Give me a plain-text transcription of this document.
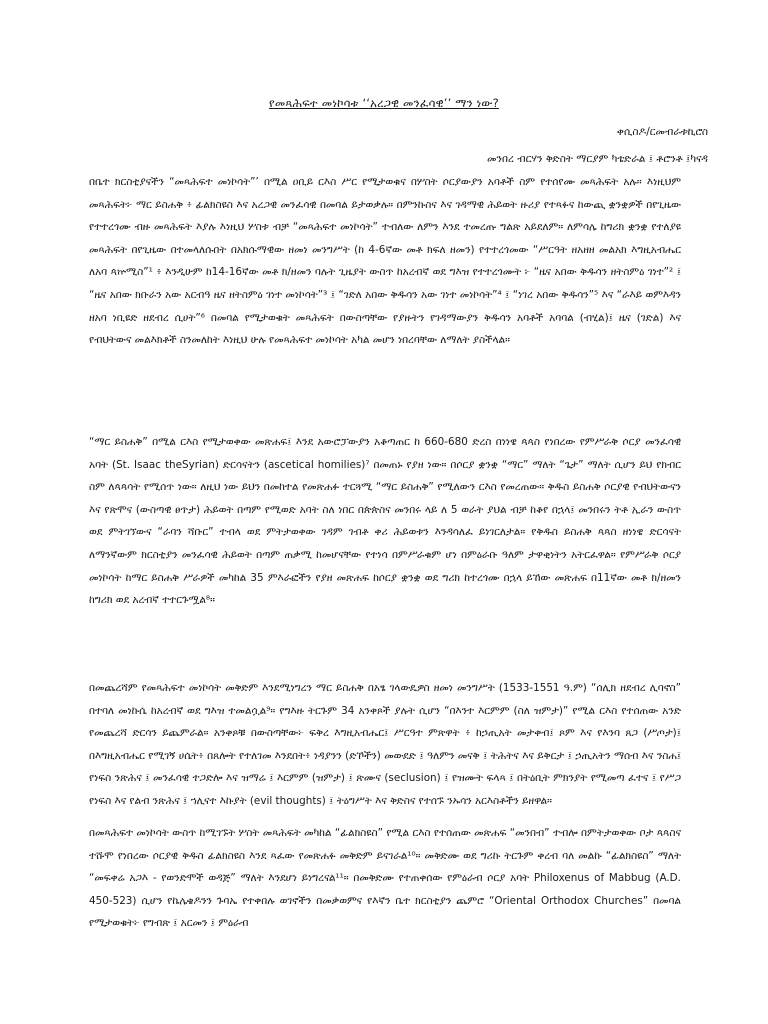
የመጻሕፍተ መነኮሳቱ ‘‘አረጋዊ መንፈሳዊ’’ ማን ነው?
ቀሲስዶ/ርመብራቱኪሮስ
መንበረ ብርሃን ቅድስት ማርያም ካቴድራል ፤ ቶሮንቶ ፤ካናዳ

በቤተ ክርስቲያናችን “መጻሕፍተ መነኮሳት”’ በሚል ዐቢይ ርእስ ሥር የሚታወቁና በሦስት ሶርያውያን አባቶች ስም የተሰየሙ መጻሕፍት አሉ። እነዚህም መጻሕፍት፦ ማር ይስሐቅ ፥ ፊልክስዩስ እና አረጋዊ መንፈሳዊ በመባል ይታወቃሉ። በምንኩስና እና ገዳማዊ ሕይወት ዙሪያ የተጻፉና ከውጪ ቋንቋዎች በየጊዜው የተተረጎሙ ብዙ መጻሕፍት እያሉ እነዚህ ሦስቱ ብቻ “መጻሕፍተ መነኮሳት” ተብለው ለምን እንደ ተመረጡ ግልጽ አይደለም። ለምሳሌ ከግሪክ ቋንቋ የተለያዩ መጻሕፍት በየጊዜው በተመላለሱበት በአክሱማዊው ዘመነ መንግሥት (ከ 4-6ኛው መቶ ክፍለ ዘመን) የተተረጎመው “ሥርዓት ዘአዘዘ መልአክ እግዚአብሔር ለአባ ጳኵሚስ”¹ ፥ እንዲሁም ከ14-16ኛው መቶ ክ/ዘመን ባሉት ጊዜያት ውስጥ ከአረብኛ ወደ ግእዝ የተተረጎሙት ፦ “ዜና አበው ቅዱሳን ዘትስምዕ ገነተ”² ፤ “ዜና አበው ክቡራን አው አርብዓ ዜና ዘትስምዕ ገነተ መነኮሳት”³ ፤ “ገድለ አበው ቅዱሳን አው ገነተ መነኮሳት”⁴ ፤ “ነገረ አበው ቅዱሳን”⁵ እና “ራእይ ወምእዳን ዘአባ ነቢዩድ ዘደብረ ሲሀት”⁶ በመባል የሚታወቁት መጻሕፍት በውስጣቸው የያዙትን የገዳማውያን ቅዱሳን አባቶች አባባል (ብሂል)፤ ዜና (ገድል) እና የብህትውና መልእክቶች ስንመለከት እነዚህ ሁሉ የመጻሕፍተ መነኮሳት አካል መሆን ነበረባቸው ለማለት ያስችላል።

“ማር ይስሐቅ” በሚል ርእስ የሚታወቀው መጽሐፍ፤ እንደ አውሮፓውያን አቆጣጠር ከ 660-680 ድረስ በነነዌ ጳጳስ የነበረው የምሥራቅ ሶርያ መንፈሳዊ አባት (St. Isaac theSyrian) ድርሳናትን (ascetical homilies)⁷ በመጠኑ የያዘ ነው። በሶርያ ቋንቋ “ማር” ማለት “ጌታ” ማለት ሲሆን ይህ የክብር ስም ለጳጳሳት የሚሰጥ ነው። ለዚህ ነው ይህን በመከተል የመጽሐፉ ተርጓሚ “ማር ይስሐቅ” የሚለውን ርእስ የመረጠው። ቅዱስ ይስሐቅ ሶርያዊ የብህትውናን እና የጽሞና (ውስጣዊ ፀጥታ) ሕይወት በጣም የሚወድ አባት ስለ ነበር በጵጵስና መንበሩ ላይ ለ 5 ወራት ያህል ብቻ ከቆየ በኋላ፤ መንበሩን ትቶ ኢራን ውስጥ ወደ ምትገኘውና “ራባን ሻቡር” ተብላ ወደ ምትታወቀው ገዳም ገብቶ ቀሪ ሕይወቱን እንዳሳለፈ ይነገርለታል። የቅዱስ ይስሐቅ ጳጳስ ዘነነዌ ድርሳናት ለማንኛውም ክርስቲያን መንፈሳዊ ሕይወት በጣም ጠቃሚ ከመሆናቸው የተነሳ በምሥራቁም ሆነ በምዕራቡ ዓለም ታዋቂነትን አትርፈዋል። የምሥራቅ ሶርያ መነኮሳት ከማር ይስሐቅ ሥራዎች መካከል 35 ምእራፎችን የያዘ መጽሐፍ ከሶርያ ቋንቋ ወደ ግሪክ ከተረጎሙ በኋላ ይኸው መጽሐፍ በ11ኛው መቶ ክ/ዘመን ከግሪክ ወደ አረብኛ ተተርጉሟል⁸።

በመጨረሻም የመጻሕፍተ መነኮሳት መቅድም እንደሚነግረን ማር ይስሐቅ በአፄ ገላውዴዎስ ዘመነ መንግሥት (1533-1551 ዓ.ም) “ሰሊክ ዘደብረ ሊባኖስ” በተባለ መነኩሴ ከአረብኛ ወደ ግእዝ ተመልሷል⁹። የግእዙ ትርጉም 34 አንቀጾች ያሉት ሲሆን “በእንተ እርምም (ስለ ዝምታ)” የሚል ርእስ የተሰጠው አንድ የመጨረሻ ድርሳን ይጨምራል። አንቀጾቹ በውስጣቸው፦ ፍቅረ እግዚአብሔር፤ ሥርዓተ ምጽዋት ፥ ከኃጢአት መታቀብ፤ ጾም እና የእንባ ጸጋ (ሥጦታ)፤ በእግዚአብሔር የሚገኝ ሀሴት፥ በጸሎት የተለገመ እንደበት፥ ነዳያንን (ድኾችን) መውደድ ፤ ዓለምን መናቅ ፤ ትሕትና እና ይቅርታ ፤ ኃጢአትን ማሰብ እና ንስሐ፤ የነፍስ ንጽሕና ፤ መንፈሳዊ ተጋድሎ እና ዝማሬ ፤ እርምም (ዝምታ) ፤ ጽሙና (seclusion) ፤ የዝሙት ፍላጻ ፤ በትዕቢት ምክንያት የሚመጣ ፈተና ፤ የሥጋ የነፍስ እና የልብ ንጽሕና ፤ ኀሊናተ እኩያት (evil thoughts) ፤ ትዕግሥት እና ቅድስና የተሰኙ ንኡሳን አርእስቶችን ይዘዋል።

በመጻሕፍተ መነኮሳት ውስጥ ከሚገኙት ሦስት መጻሕፍት መካከል “ፊልክስዩስ” የሚል ርእስ የተሰጠው መጽሐፍ “መንበብ” ተብሎ በምትታወቀው ቦታ ጳጳስና ተሹሞ የነበረው ሶርያዊ ቅዱስ ፊልክስዩስ እንደ ጻፈው የመጽሐፉ መቅድም ይናገራል¹⁰። መቅድሙ ወደ ግሪኩ ትርጉም ቀረብ ባለ መልኩ “ፊልክስዩስ” ማለት “መፍቀሬ አጋእ - የወንድሞች ወዳጅ” ማለት እንደሆነ ይነግረናል¹¹። በመቅድሙ የተጠቀሰው የምዕራብ ሶርያ አባት Philoxenus of Mabbug (A.D. 450-523) ሲሆን የኬሌቄዶንን ጉባኤ የተቀበሉ ወገኖችን በመቃወምና የእኛን ቤተ ክርስቲያን ጨምሮ “Oriental Orthodox Churches” በመባል የሚታወቁት፦ የግብጽ ፤ አርመን ፤ ምዕራብ
